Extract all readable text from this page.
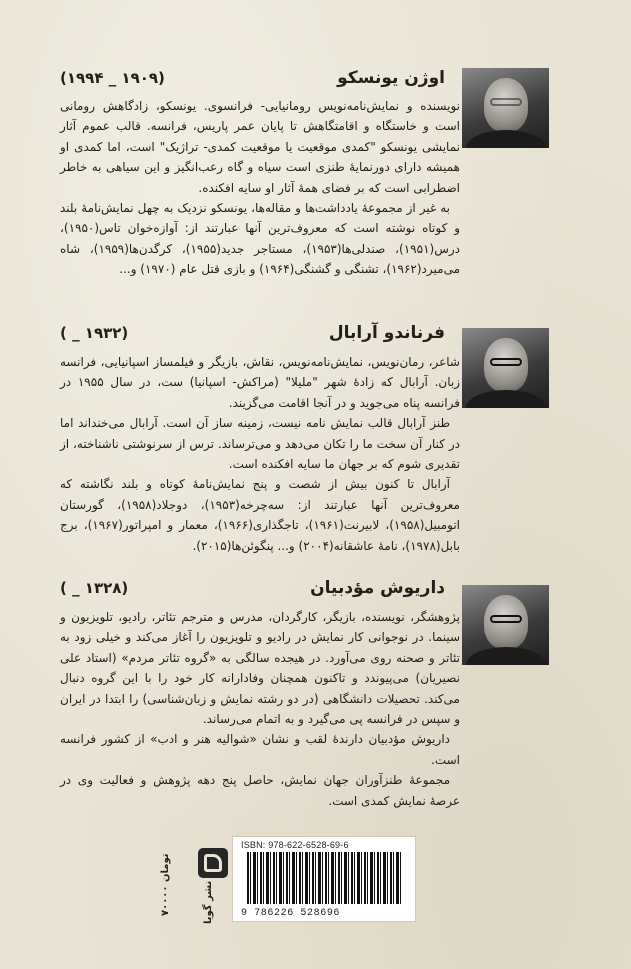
اوژن یونسکو
(۱۹۹۴ _ ۱۹۰۹)

نویسنده و نمایش‌نامه‌نویس رومانیایی- فرانسوی. یونسکو، زادگاهش رومانی است و خاستگاه و اقامتگاهش تا پایان عمر پاریس، فرانسه. قالب عموم آثار نمایشی یونسکو "کمدی موقعیت یا موقعیت کمدی- تراژیک" است، اما کمدی او همیشه دارای دورنمایهٔ طنزی است سیاه و گاه رعب‌انگیز و این سیاهی به خاطر اضطرابی است که بر فضای همهٔ آثار او سایه افکنده.

به غیر از مجموعهٔ یادداشت‌ها و مقاله‌ها، یونسکو نزدیک به چهل نمایش‌نامهٔ بلند و کوتاه نوشته است که معروف‌ترین آنها عبارتند از: آوازه‌خوان تاس(۱۹۵۰)، درس(۱۹۵۱)، صندلی‌ها(۱۹۵۳)، مستاجر جدید(۱۹۵۵)، کرگدن‌ها(۱۹۵۹)، شاه می‌میرد(۱۹۶۲)، تشنگی و گشنگی(۱۹۶۴) و بازی قتل عام (۱۹۷۰) و...

فرناندو آرابال
( _ ۱۹۳۲)

شاعر، رمان‌نویس، نمایش‌نامه‌نویس، نقاش، بازیگر و فیلمساز اسپانیایی، فرانسه زبان. آرابال که زادهٔ شهر "ملیلا" (مراکش- اسپانیا) ست، در سال ۱۹۵۵ در فرانسه پناه می‌جوید و در آنجا اقامت می‌گزیند.

طنز آرابال قالب نمایش نامه نیست، زمینه ساز آن است. آرابال می‌خنداند اما در کنار آن سخت ما را تکان می‌دهد و می‌ترساند. ترس از سرنوشتی ناشناخته، از تقدیری شوم که بر جهان ما سایه افکنده است.

آرابال تا کنون بیش از شصت و پنج نمایش‌نامهٔ کوتاه و بلند نگاشته که معروف‌ترین آنها عبارتند از: سه‌چرخه(۱۹۵۳)، دوجلاد(۱۹۵۸)، گورستان اتومبیل(۱۹۵۸)، لابیرنت(۱۹۶۱)، تاجگذاری(۱۹۶۶)، معمار و امپراتور(۱۹۶۷)، برج بابل(۱۹۷۸)، نامهٔ عاشقانه(۲۰۰۴) و... پنگوئن‌ها(۲۰۱۵).

داریوش مؤدبیان
( _ ۱۳۲۸)

پژوهشگر، نویسنده، بازیگر، کارگردان، مدرس و مترجم تئاتر، رادیو، تلویزیون و سینما. در نوجوانی کار نمایش در رادیو و تلویزیون را آغاز می‌کند و خیلی زود به تئاتر و صحنه روی می‌آورد. در هیجده سالگی به «گروه تئاتر مردم» (استاد علی نصیریان) می‌پیوندد و تاکنون همچنان وفادارانه کار خود را با این گروه دنبال می‌کند. تحصیلات دانشگاهی (در دو رشته نمایش و زبان‌شناسی) را ابتدا در ایران و سپس در فرانسه پی می‌گیرد و به اتمام می‌رساند.

داریوش مؤدبیان دارندهٔ لقب و نشان «شوالیه هنر و ادب» از کشور فرانسه است.

مجموعهٔ طنزآوران جهان نمایش، حاصل پنج دهه پژوهش و فعالیت وی در عرصهٔ نمایش کمدی است.

۷۰۰۰۰ تومان
نشر گویا
ISBN: 978-622-6528-69-6
9 786226 528696
